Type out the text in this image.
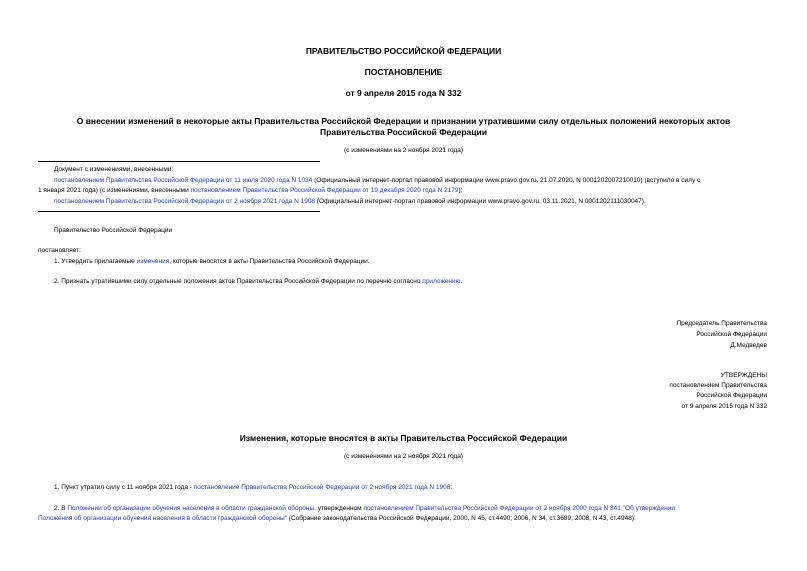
ПРАВИТЕЛЬСТВО РОССИЙСКОЙ ФЕДЕРАЦИИ
ПОСТАНОВЛЕНИЕ
от 9 апреля 2015 года N 332
О внесении изменений в некоторые акты Правительства Российской Федерации и признании утратившими силу отдельных положений некоторых актов
Правительства Российской Федерации
(с изменениями на 2 ноября 2021 года)
Документ с изменениями, внесенными:
постановлением Правительства Российской Федерации от 11 июля 2020 года N 1034 (Официальный интернет-портал правовой информации www.pravo.gov.ru, 21.07.2020, N 0001202007210010) (вступило в силу с
1 января 2021 года) (с изменениями, внесенными постановлением Правительства Российской Федерации от 19 декабря 2020 года N 2179);
постановлением Правительства Российской Федерации от 2 ноября 2021 года N 1908 (Официальный интернет-портал правовой информации www.pravo.gov.ru, 03.11.2021, N 0001202111030047).
Правительство Российской Федерации
постановляет:
1. Утвердить прилагаемые изменения, которые вносятся в акты Правительства Российской Федерации.
2. Признать утратившими силу отдельные положения актов Правительства Российской Федерации по перечню согласно приложению.
Председатель Правительства
Российской Федерации
Д.Медведев
УТВЕРЖДЕНЫ
постановлением Правительства
Российской Федерации
от 9 апреля 2015 года N 332
Изменения, которые вносятся в акты Правительства Российской Федерации
(с изменениями на 2 ноября 2021 года)
1. Пункт утратил силу с 11 ноября 2021 года - постановление Правительства Российской Федерации от 2 ноября 2021 года N 1908.
2. В Положении об организации обучения населения в области гражданской обороны, утвержденном постановлением Правительства Российской Федерации от 2 ноября 2000 года N 841 "Об утверждении
Положения об организации обучения населения в области гражданской обороны" (Собрание законодательства Российской Федерации, 2000, N 45, ст.4490; 2006, N 34, ст.3689; 2008, N 43, ст.4948):
